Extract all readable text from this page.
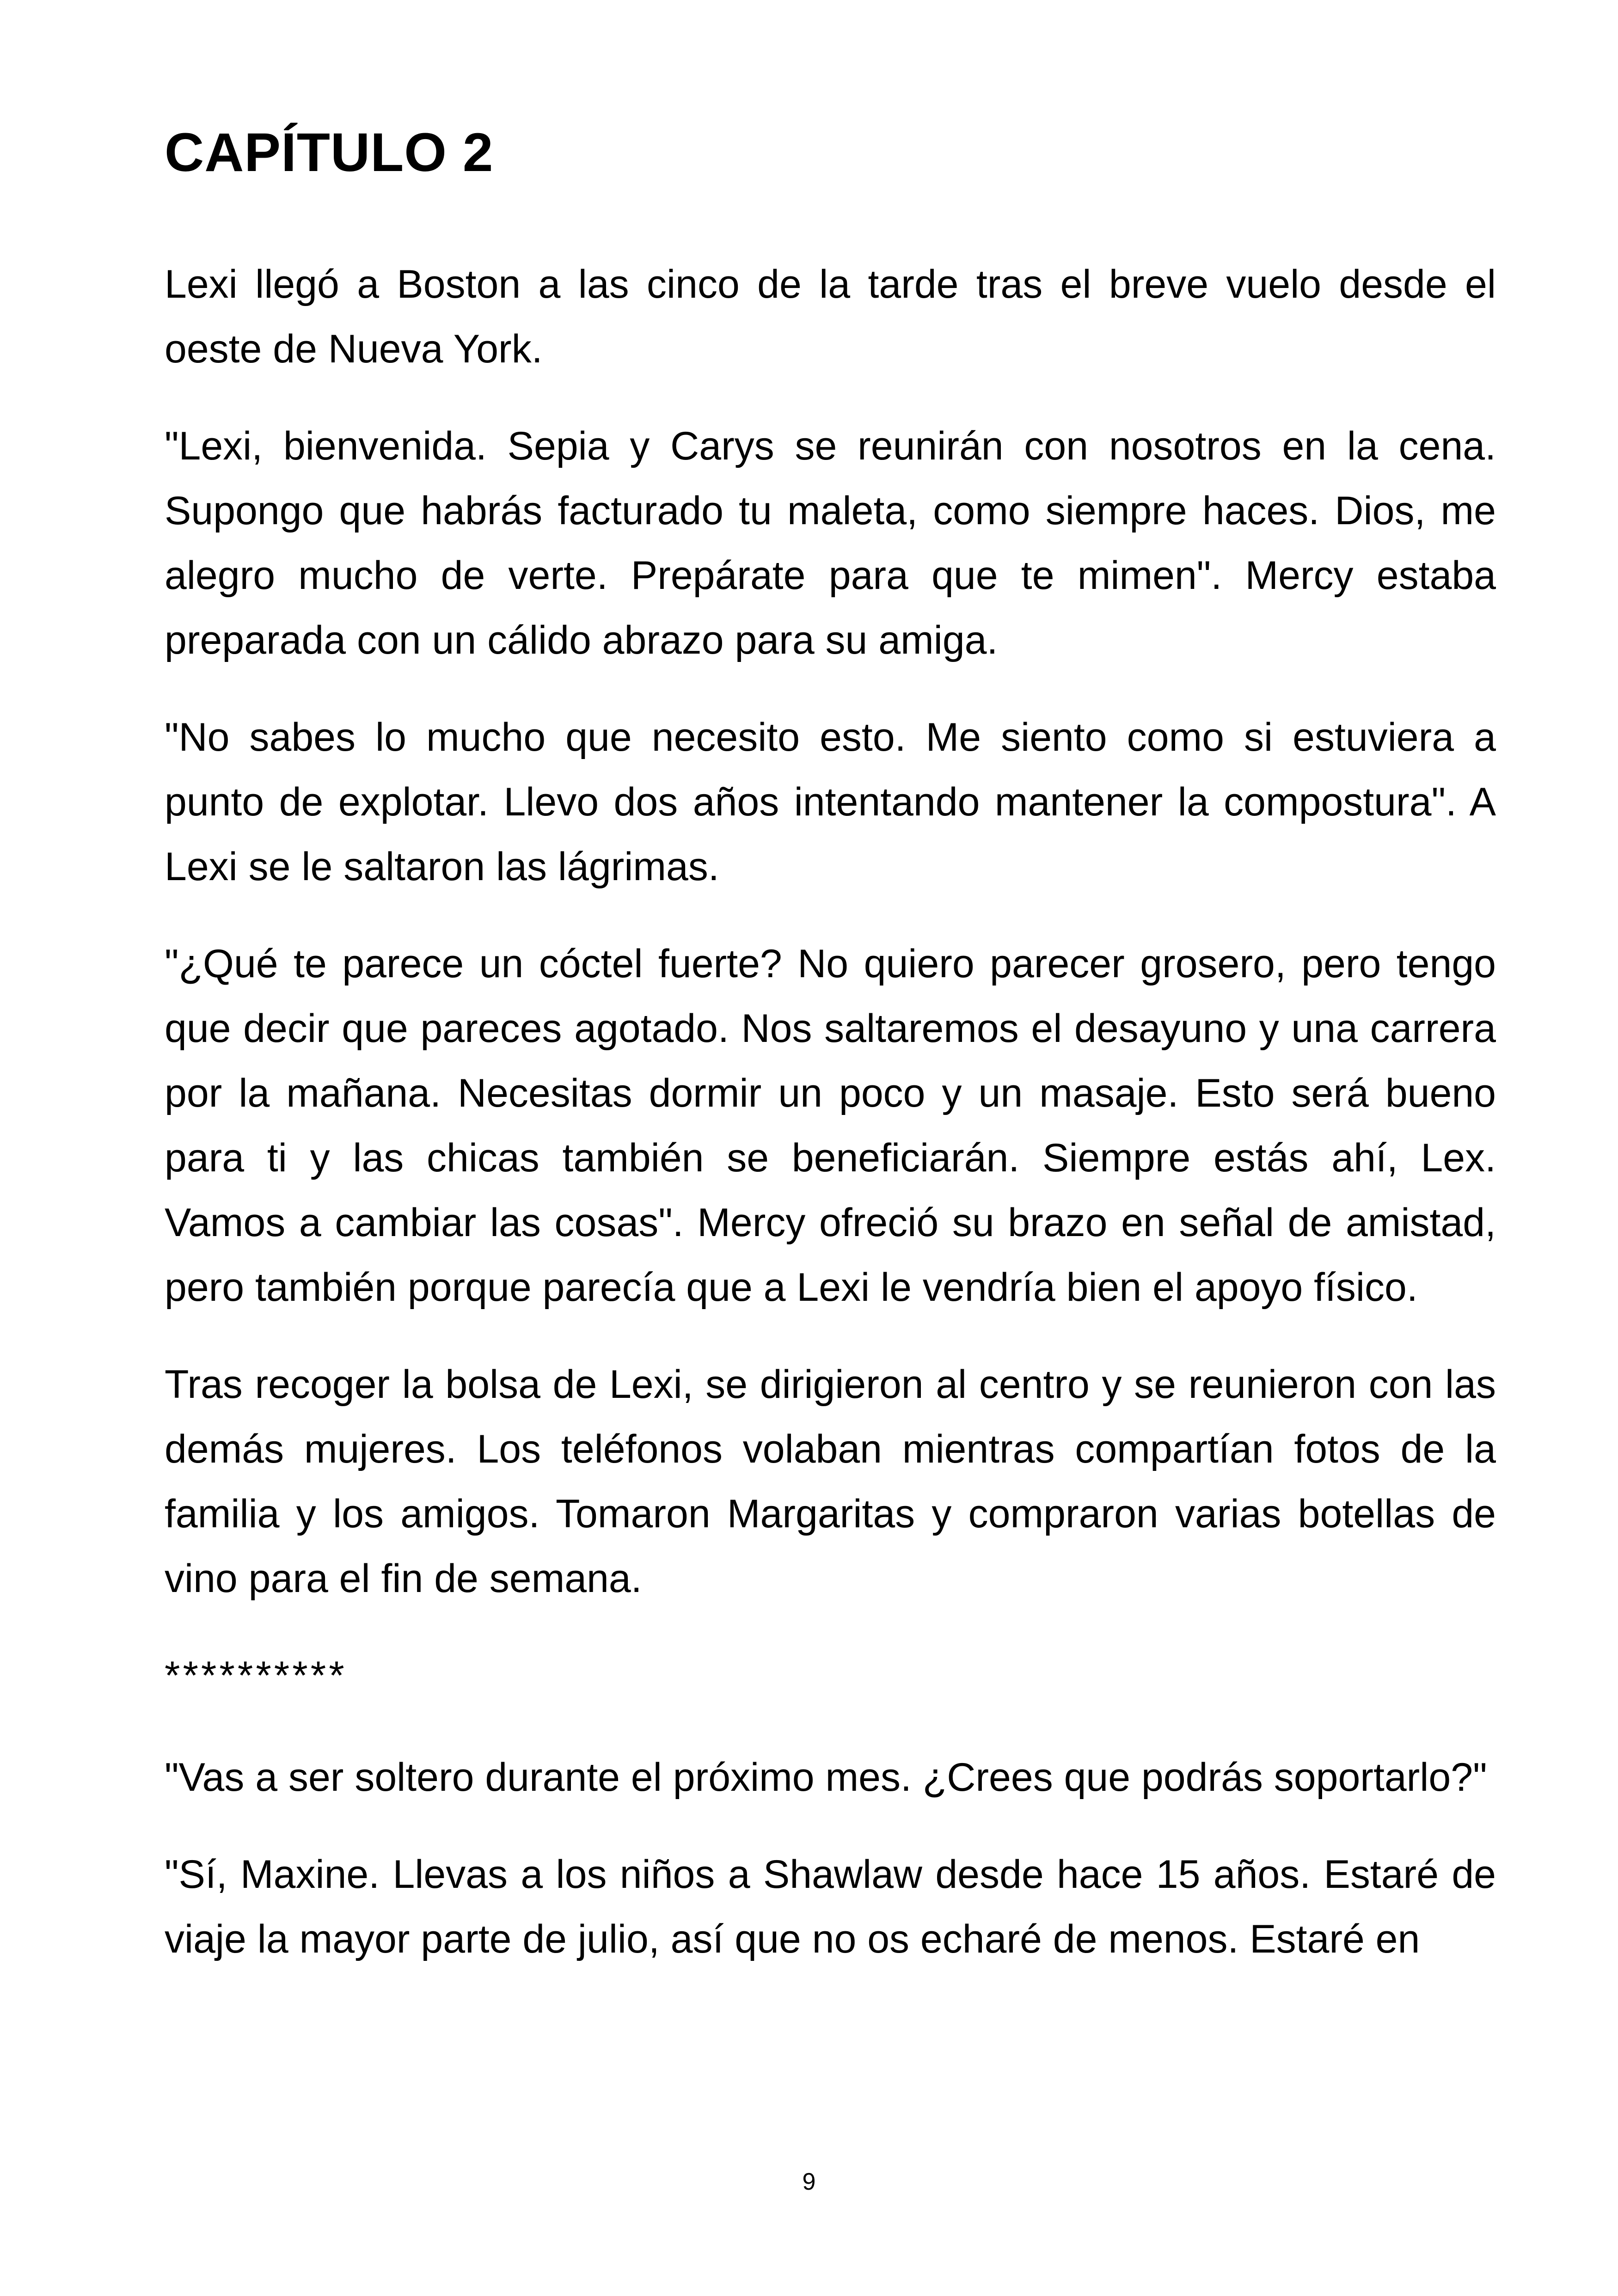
CAPÍTULO 2

Lexi llegó a Boston a las cinco de la tarde tras el breve vuelo desde el oeste de Nueva York.

"Lexi, bienvenida. Sepia y Carys se reunirán con nosotros en la cena. Supongo que habrás facturado tu maleta, como siempre haces. Dios, me alegro mucho de verte. Prepárate para que te mimen". Mercy estaba preparada con un cálido abrazo para su amiga.

"No sabes lo mucho que necesito esto. Me siento como si estuviera a punto de explotar. Llevo dos años intentando mantener la compostura". A Lexi se le saltaron las lágrimas.

"¿Qué te parece un cóctel fuerte? No quiero parecer grosero, pero tengo que decir que pareces agotado. Nos saltaremos el desayuno y una carrera por la mañana. Necesitas dormir un poco y un masaje. Esto será bueno para ti y las chicas también se beneficiarán. Siempre estás ahí, Lex. Vamos a cambiar las cosas". Mercy ofreció su brazo en señal de amistad, pero también porque parecía que a Lexi le vendría bien el apoyo físico.

Tras recoger la bolsa de Lexi, se dirigieron al centro y se reunieron con las demás mujeres. Los teléfonos volaban mientras compartían fotos de la familia y los amigos. Tomaron Margaritas y compraron varias botellas de vino para el fin de semana.

**********

"Vas a ser soltero durante el próximo mes. ¿Crees que podrás soportarlo?"

"Sí, Maxine. Llevas a los niños a Shawlaw desde hace 15 años. Estaré de viaje la mayor parte de julio, así que no os echaré de menos. Estaré en

9
